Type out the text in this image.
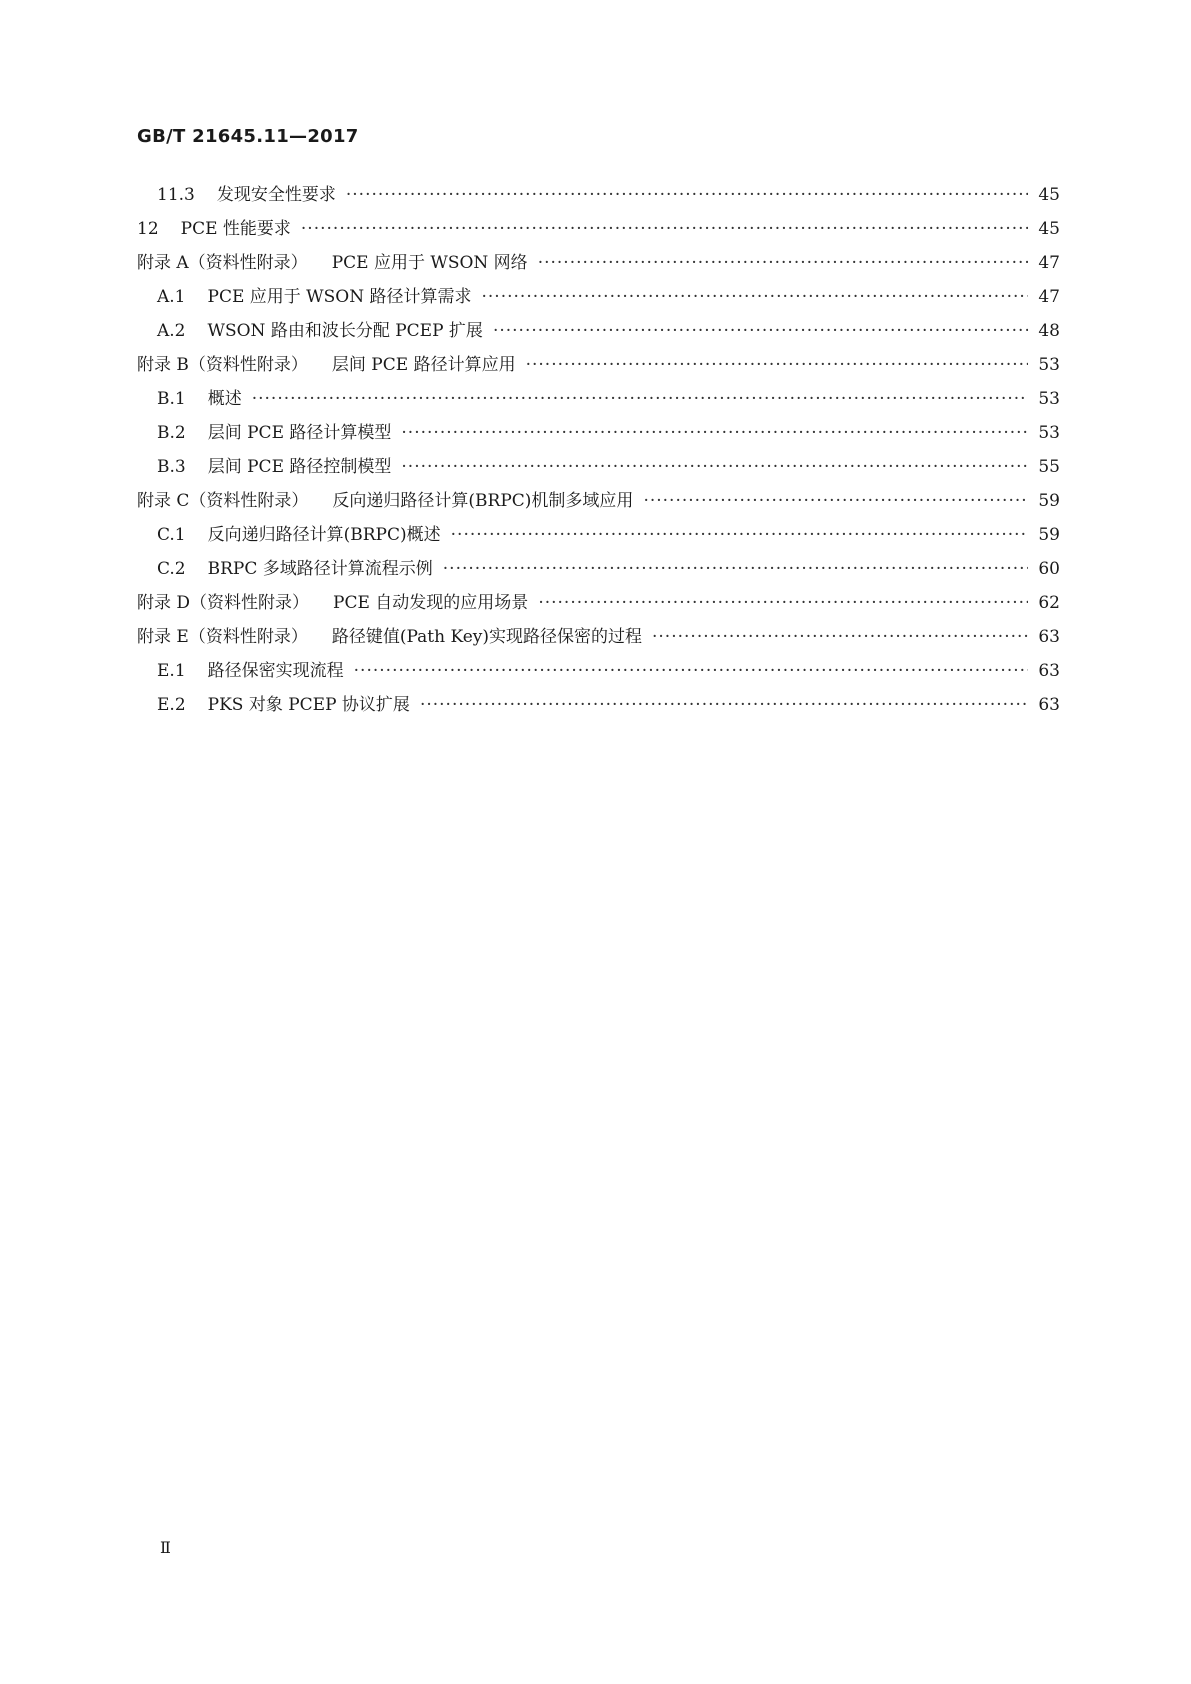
GB/T 21645.11—2017
11.3 发现安全性要求 ·····	45
12 PCE 性能要求 ·····	45
附录 A（资料性附录） PCE 应用于 WSON 网络 ·····	47
A.1 PCE 应用于 WSON 路径计算需求 ·····	47
A.2 WSON 路由和波长分配 PCEP 扩展 ·····	48
附录 B（资料性附录） 层间 PCE 路径计算应用 ·····	53
B.1 概述 ·····	53
B.2 层间 PCE 路径计算模型 ·····	53
B.3 层间 PCE 路径控制模型 ·····	55
附录 C（资料性附录） 反向递归路径计算(BRPC)机制多域应用 ·····	59
C.1 反向递归路径计算(BRPC)概述 ·····	59
C.2 BRPC 多域路径计算流程示例 ·····	60
附录 D（资料性附录） PCE 自动发现的应用场景 ·····	62
附录 E（资料性附录） 路径键值(Path Key)实现路径保密的过程 ·····	63
E.1 路径保密实现流程 ·····	63
E.2 PKS 对象 PCEP 协议扩展 ·····	63
Ⅱ
